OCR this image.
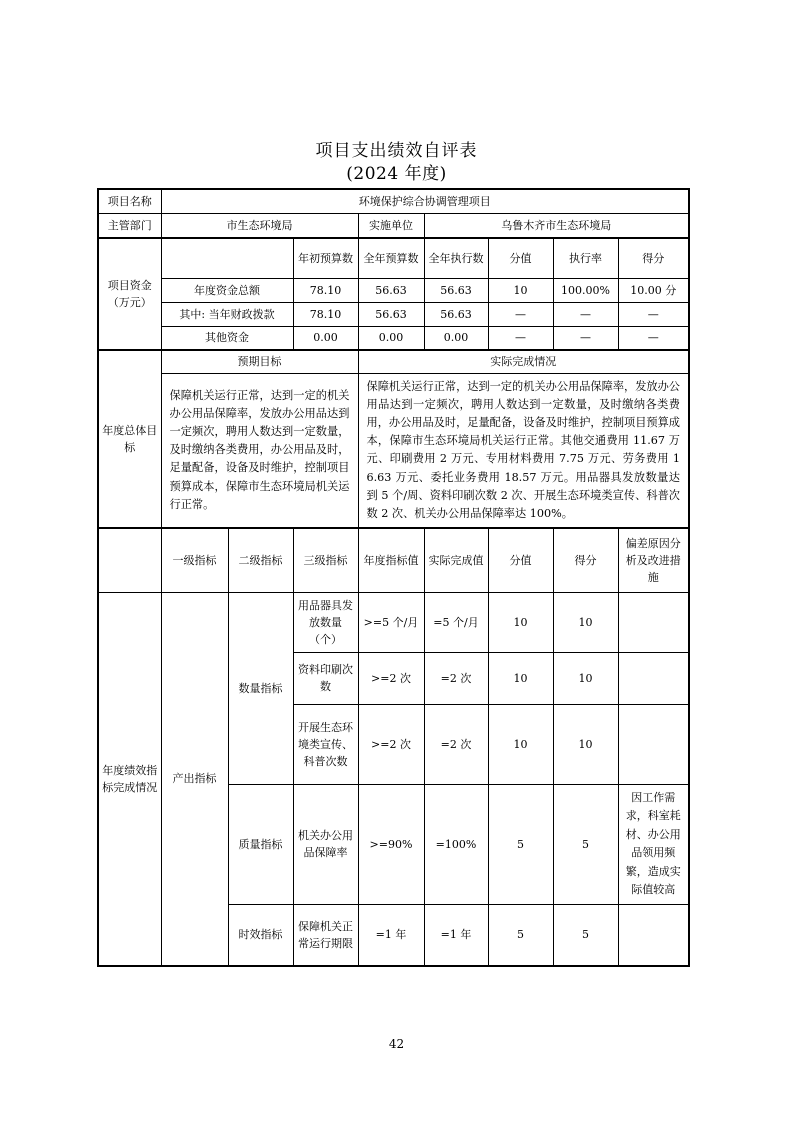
项目支出绩效自评表
(2024 年度)
项目名称	环境保护综合协调管理项目							
主管部门	市生态环境局			实施单位	乌鲁木齐市生态环境局			

项目资金
（万元）			年初预算数	全年预算数	全年执行数	分值	执行率	得分
	年度资金总额		78.10	56.63	56.63	10	100.00%	10.00 分
	其中: 当年财政拨款		78.10	56.63	56.63	—	—	—
	其他资金		0.00	0.00	0.00	—	—	—
年度总体目标	预期目标			实际完成情况				
	保障机关运行正常，达到一定的机关办公用品保障率，发放办公用品达到一定频次，聘用人数达到一定数量，及时缴纳各类费用，办公用品及时，足量配备，设备及时维护，控制项目预算成本，保障市生态环境局机关运行正常。			保障机关运行正常，达到一定的机关办公用品保障率，发放办公用品达到一定频次，聘用人数达到一定数量，及时缴纳各类费用，办公用品及时，足量配备，设备及时维护，控制项目预算成本，保障市生态环境局机关运行正常。其他交通费用 11.67 万元、印刷费用 2 万元、专用材料费用 7.75 万元、劳务费用 16.63 万元、委托业务费用 18.57 万元。用品器具发放数量达到 5 个/周、资料印刷次数 2 次、开展生态环境类宣传、科普次数 2 次、机关办公用品保障率达 100%。				
	一级指标	二级指标	三级指标	年度指标值	实际完成值	分值	得分	偏差原因分析及改进措施
年度绩效指标完成情况	产出指标	数量指标	用品器具发放数量（个）	>=5 个/月	=5 个/月	10	10	
			资料印刷次数	>=2 次	=2 次	10	10	
			开展生态环境类宣传、科普次数	>=2 次	=2 次	10	10	
		质量指标	机关办公用品保障率	>=90%	=100%	5	5	因工作需求，科室耗材、办公用品领用频繁，造成实际值较高
		时效指标	保障机关正常运行期限	=1 年	=1 年	5	5	
42
